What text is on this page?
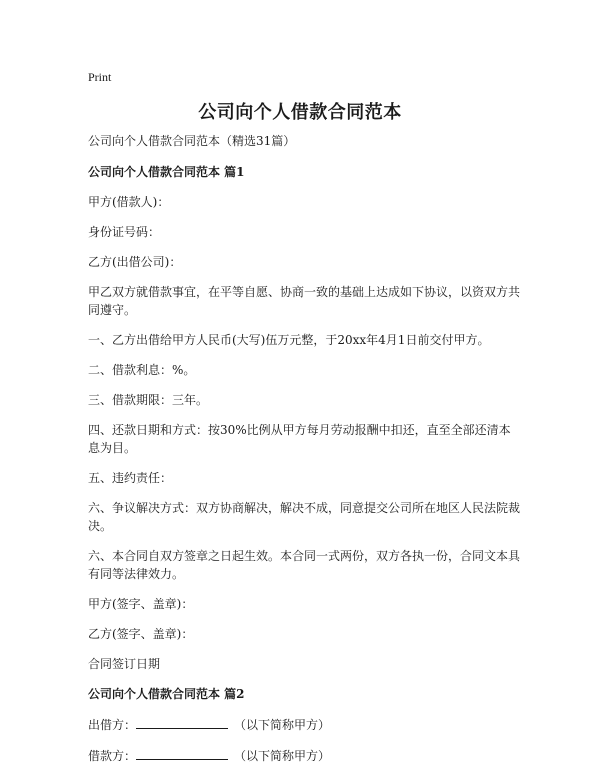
Print
公司向个人借款合同范本

公司向个人借款合同范本（精选31篇）

公司向个人借款合同范本 篇1

甲方(借款人)：

身份证号码：

乙方(出借公司)：

甲乙双方就借款事宜，在平等自愿、协商一致的基础上达成如下协议，以资双方共同遵守。

一、乙方出借给甲方人民币(大写)伍万元整，于20xx年4月1日前交付甲方。

二、借款利息：%。

三、借款期限：三年。

四、还款日期和方式：按30%比例从甲方每月劳动报酬中扣还，直至全部还清本息为目。

五、违约责任：

六、争议解决方式：双方协商解决，解决不成，同意提交公司所在地区人民法院裁决。

六、本合同自双方签章之日起生效。本合同一式两份，双方各执一份，合同文本具有同等法律效力。

甲方(签字、盖章)：

乙方(签字、盖章)：

合同签订日期

公司向个人借款合同范本 篇2

出借方：	（以下简称甲方）
借款方：	（以下简称甲方）
